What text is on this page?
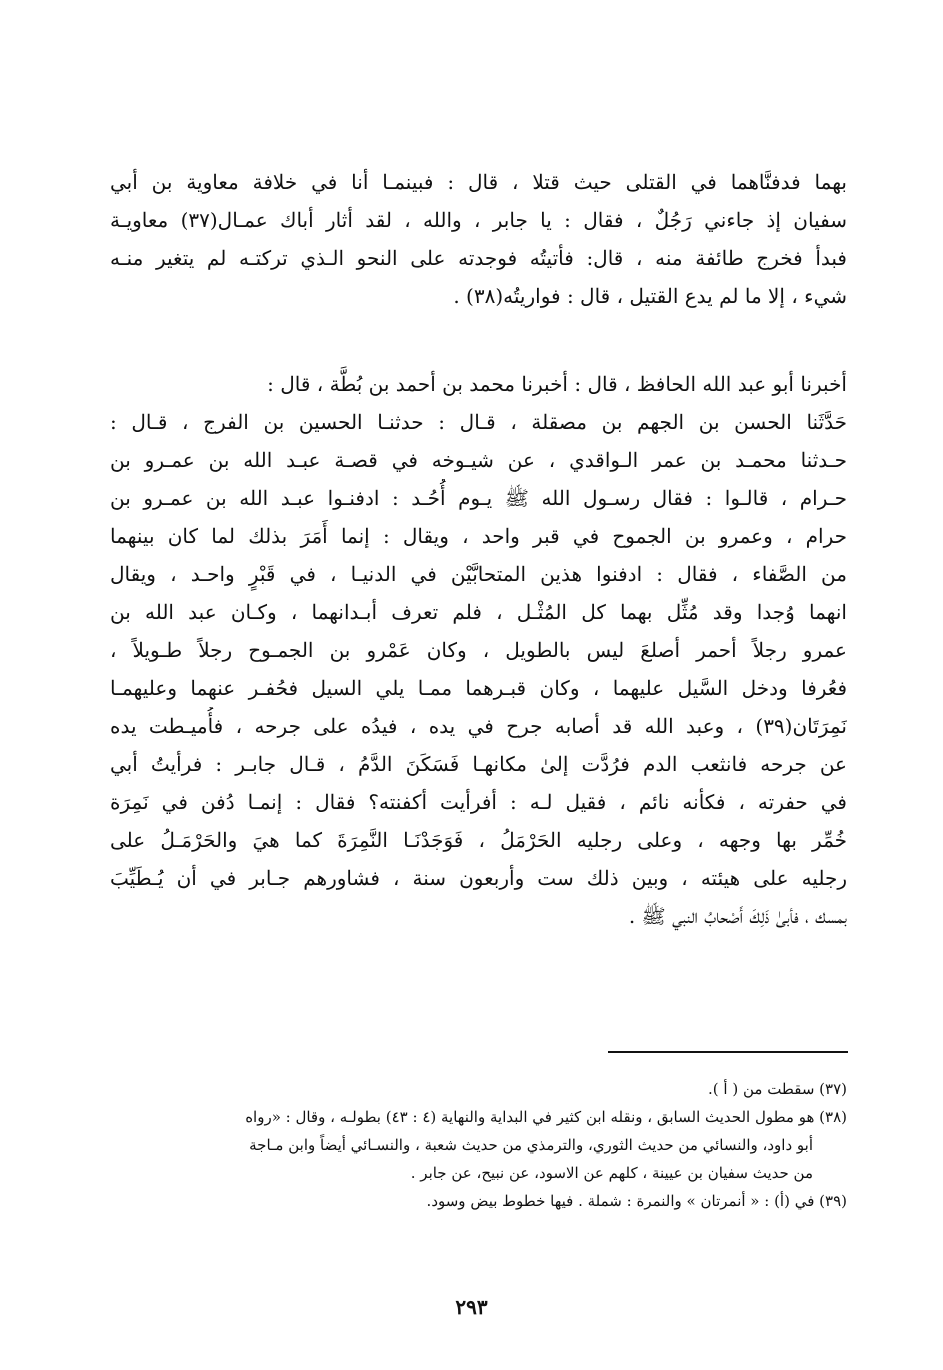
بهما فدفنَّاهما في القتلى حيث قتلا ، قال : فبينمـا أنا في خلافة معاوية بن أبي
سفيان إذ جاءني رَجُلٌ ، فقال : يا جابر ، والله ، لقد أثار أباك عمـال(٣٧) معاويـة
فبدأ فخرج طائفة منه ، قال: فأتيتُه فوجدته على النحو الـذي تركتـه لم يتغير منـه
شيء ، إلا ما لم يدع القتيل ، قال : فواريتُه(٣٨) .
أخبرنا أبو عبد الله الحافظ ، قال : أخبرنا محمد بن أحمد بن بُطَّة ، قال :
حَدَّثَنا الحسن بن الجهم بن مصقلة ، قـال : حدثنـا الحسين بن الفرج ، قـال :
حـدثنا محمـد بن عمر الـواقدي ، عن شيـوخه في قصـة عبـد الله بن عمـرو بن
حـرام ، قالـوا : فقال رسـول الله ﷺ يـوم أُحُـد : ادفنـوا عبـد الله بن عمـرو بن
حرام ، وعمرو بن الجموح في قبر واحد ، ويقال : إنما أَمَرَ بذلك لما كان بينهما
من الصَّفاء ، فقال : ادفنوا هذين المتحابَّيْن في الدنيـا ، في قَبْرٍ واحـد ، ويقال
انهما وُجدا وقد مُثِّل بهما كل المُثْـل ، فلم تعرف أبـدانهما ، وكـان عبد الله بن
عمرو رجلاً أحمر أصلعَ ليس بالطويل ، وكان عَمْرو بن الجمـوح رجلاً طـويلاً ،
فعُرفا ودخل السَّيل عليهما ، وكان قبـرهما ممـا يلي السيل فحُفـر عنهما وعليهمـا
نَمِرَتَان(٣٩) ، وعبد الله قد أصابه جرح في يده ، فيدُه على جرحه ، فأُميـطت يده
عن جرحه فانثعب الدم فرُدَّت إلىٰ مكانهـا فَسَكَنَ الدَّمُ ، قـال جابـر : فرأيتُ أبي
في حفرته ، فكأنه نائم ، فقيل لـه : أفرأيت أكفنته؟ فقال : إنمـا دُفن في نَمِرَة
خُمِّر بها وجهه ، وعلى رجليه الحَرْمَلُ ، فَوَجَدْنَـا النَّمِرَةَ كما هيَ والحَرْمَـلُ على
رجليه على هيئته ، وبين ذلك ست وأربعون سنة ، فشاورهم جـابر في أن يُـطَيِّبَ
بمسك ، فأبىٰ ذَلِكَ أَصْحابُ النبي ﷺ .
(٣٧) سقطت من ( أ ).
(٣٨) هو مطول الحديث السابق ، ونقله ابن كثير في البداية والنهاية (٤ : ٤٣) بطولـه ، وقال : «رواه
أبو داود، والنسائي من حديث الثوري، والترمذي من حديث شعبة ، والنسـائي أيضاً وابن مـاجة
من حديث سفيان بن عيينة ، كلهم عن الاسود، عن نبيح، عن جابر .
(٣٩) في (أ) : « أنمرتان » والنمرة : شملة . فيها خطوط بيض وسود.
٢٩٣
